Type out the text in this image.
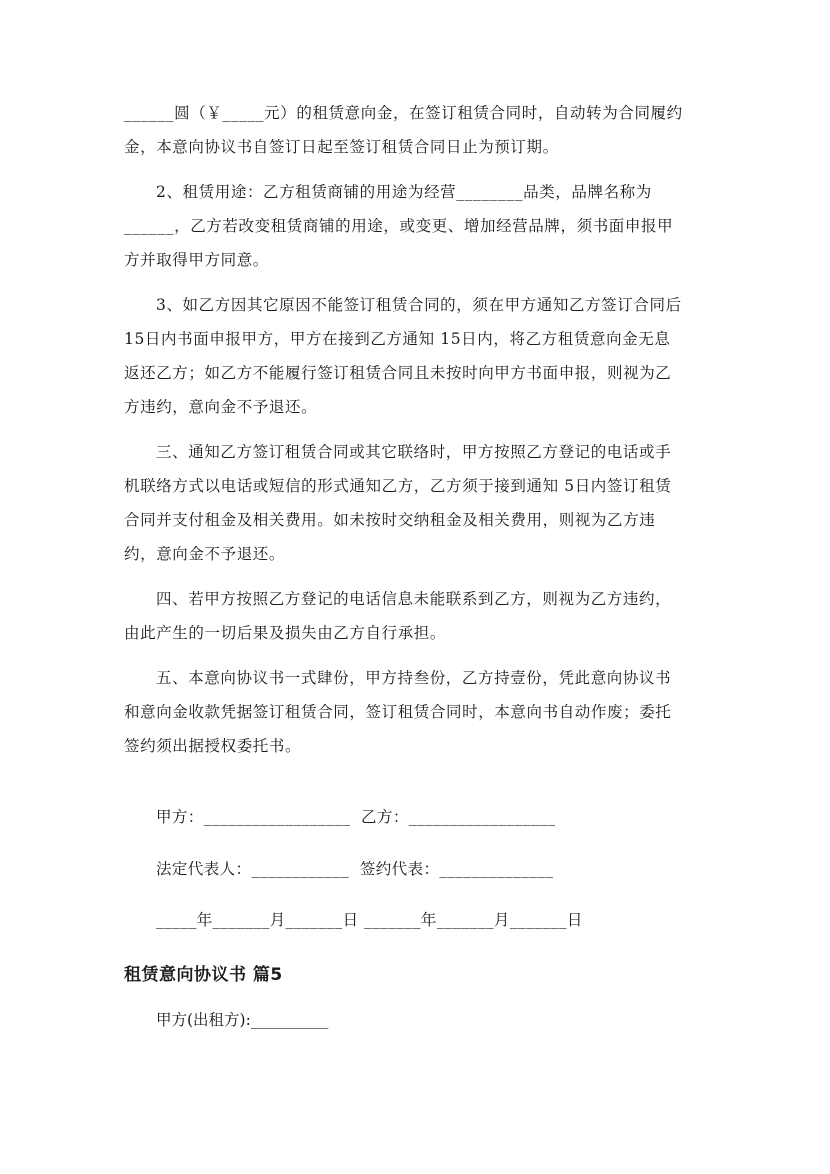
______圆（￥_____元）的租赁意向金，在签订租赁合同时，自动转为合同履约
金，本意向协议书自签订日起至签订租赁合同日止为预订期。
2、租赁用途：乙方租赁商铺的用途为经营________品类，品牌名称为
______，乙方若改变租赁商铺的用途，或变更、增加经营品牌，须书面申报甲
方并取得甲方同意。
3、如乙方因其它原因不能签订租赁合同的，须在甲方通知乙方签订合同后
15日内书面申报甲方，甲方在接到乙方通知 15日内，将乙方租赁意向金无息
返还乙方；如乙方不能履行签订租赁合同且未按时向甲方书面申报，则视为乙
方违约，意向金不予退还。
三、通知乙方签订租赁合同或其它联络时，甲方按照乙方登记的电话或手
机联络方式以电话或短信的形式通知乙方，乙方须于接到通知 5日内签订租赁
合同并支付租金及相关费用。如未按时交纳租金及相关费用，则视为乙方违
约，意向金不予退还。
四、若甲方按照乙方登记的电话信息未能联系到乙方，则视为乙方违约，
由此产生的一切后果及损失由乙方自行承担。
五、本意向协议书一式肆份，甲方持叁份，乙方持壹份，凭此意向协议书
和意向金收款凭据签订租赁合同，签订租赁合同时，本意向书自动作废；委托
签约须出据授权委托书。
甲方：__________________  乙方：__________________
法定代表人：____________  签约代表：______________
_____年_______月_______日 _______年_______月_______日
租赁意向协议书 篇5
甲方(出租方):__________
